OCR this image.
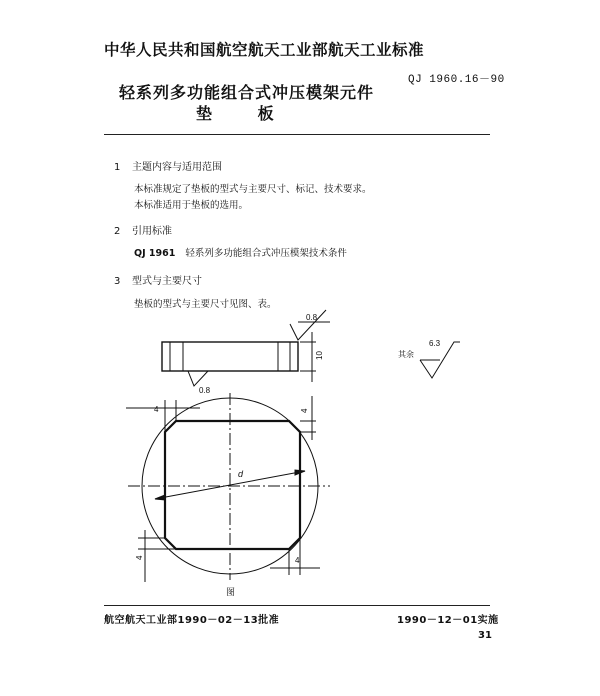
中华人民共和国航空航天工业部航天工业标准
QJ 1960.16－90
轻系列多功能组合式冲压模架元件
垫 板
1 主题内容与适用范围
本标准规定了垫板的型式与主要尺寸、标记、技术要求。
本标准适用于垫板的选用。
2 引用标准
QJ 1961 轻系列多功能组合式冲压模架技术条件
3 型式与主要尺寸
垫板的型式与主要尺寸见图、表。
0.8
0.8
10	其余
6.3
d
4	4
4	4
图
航空航天工业部1990－02－13批准	1990－12－01实施
31
